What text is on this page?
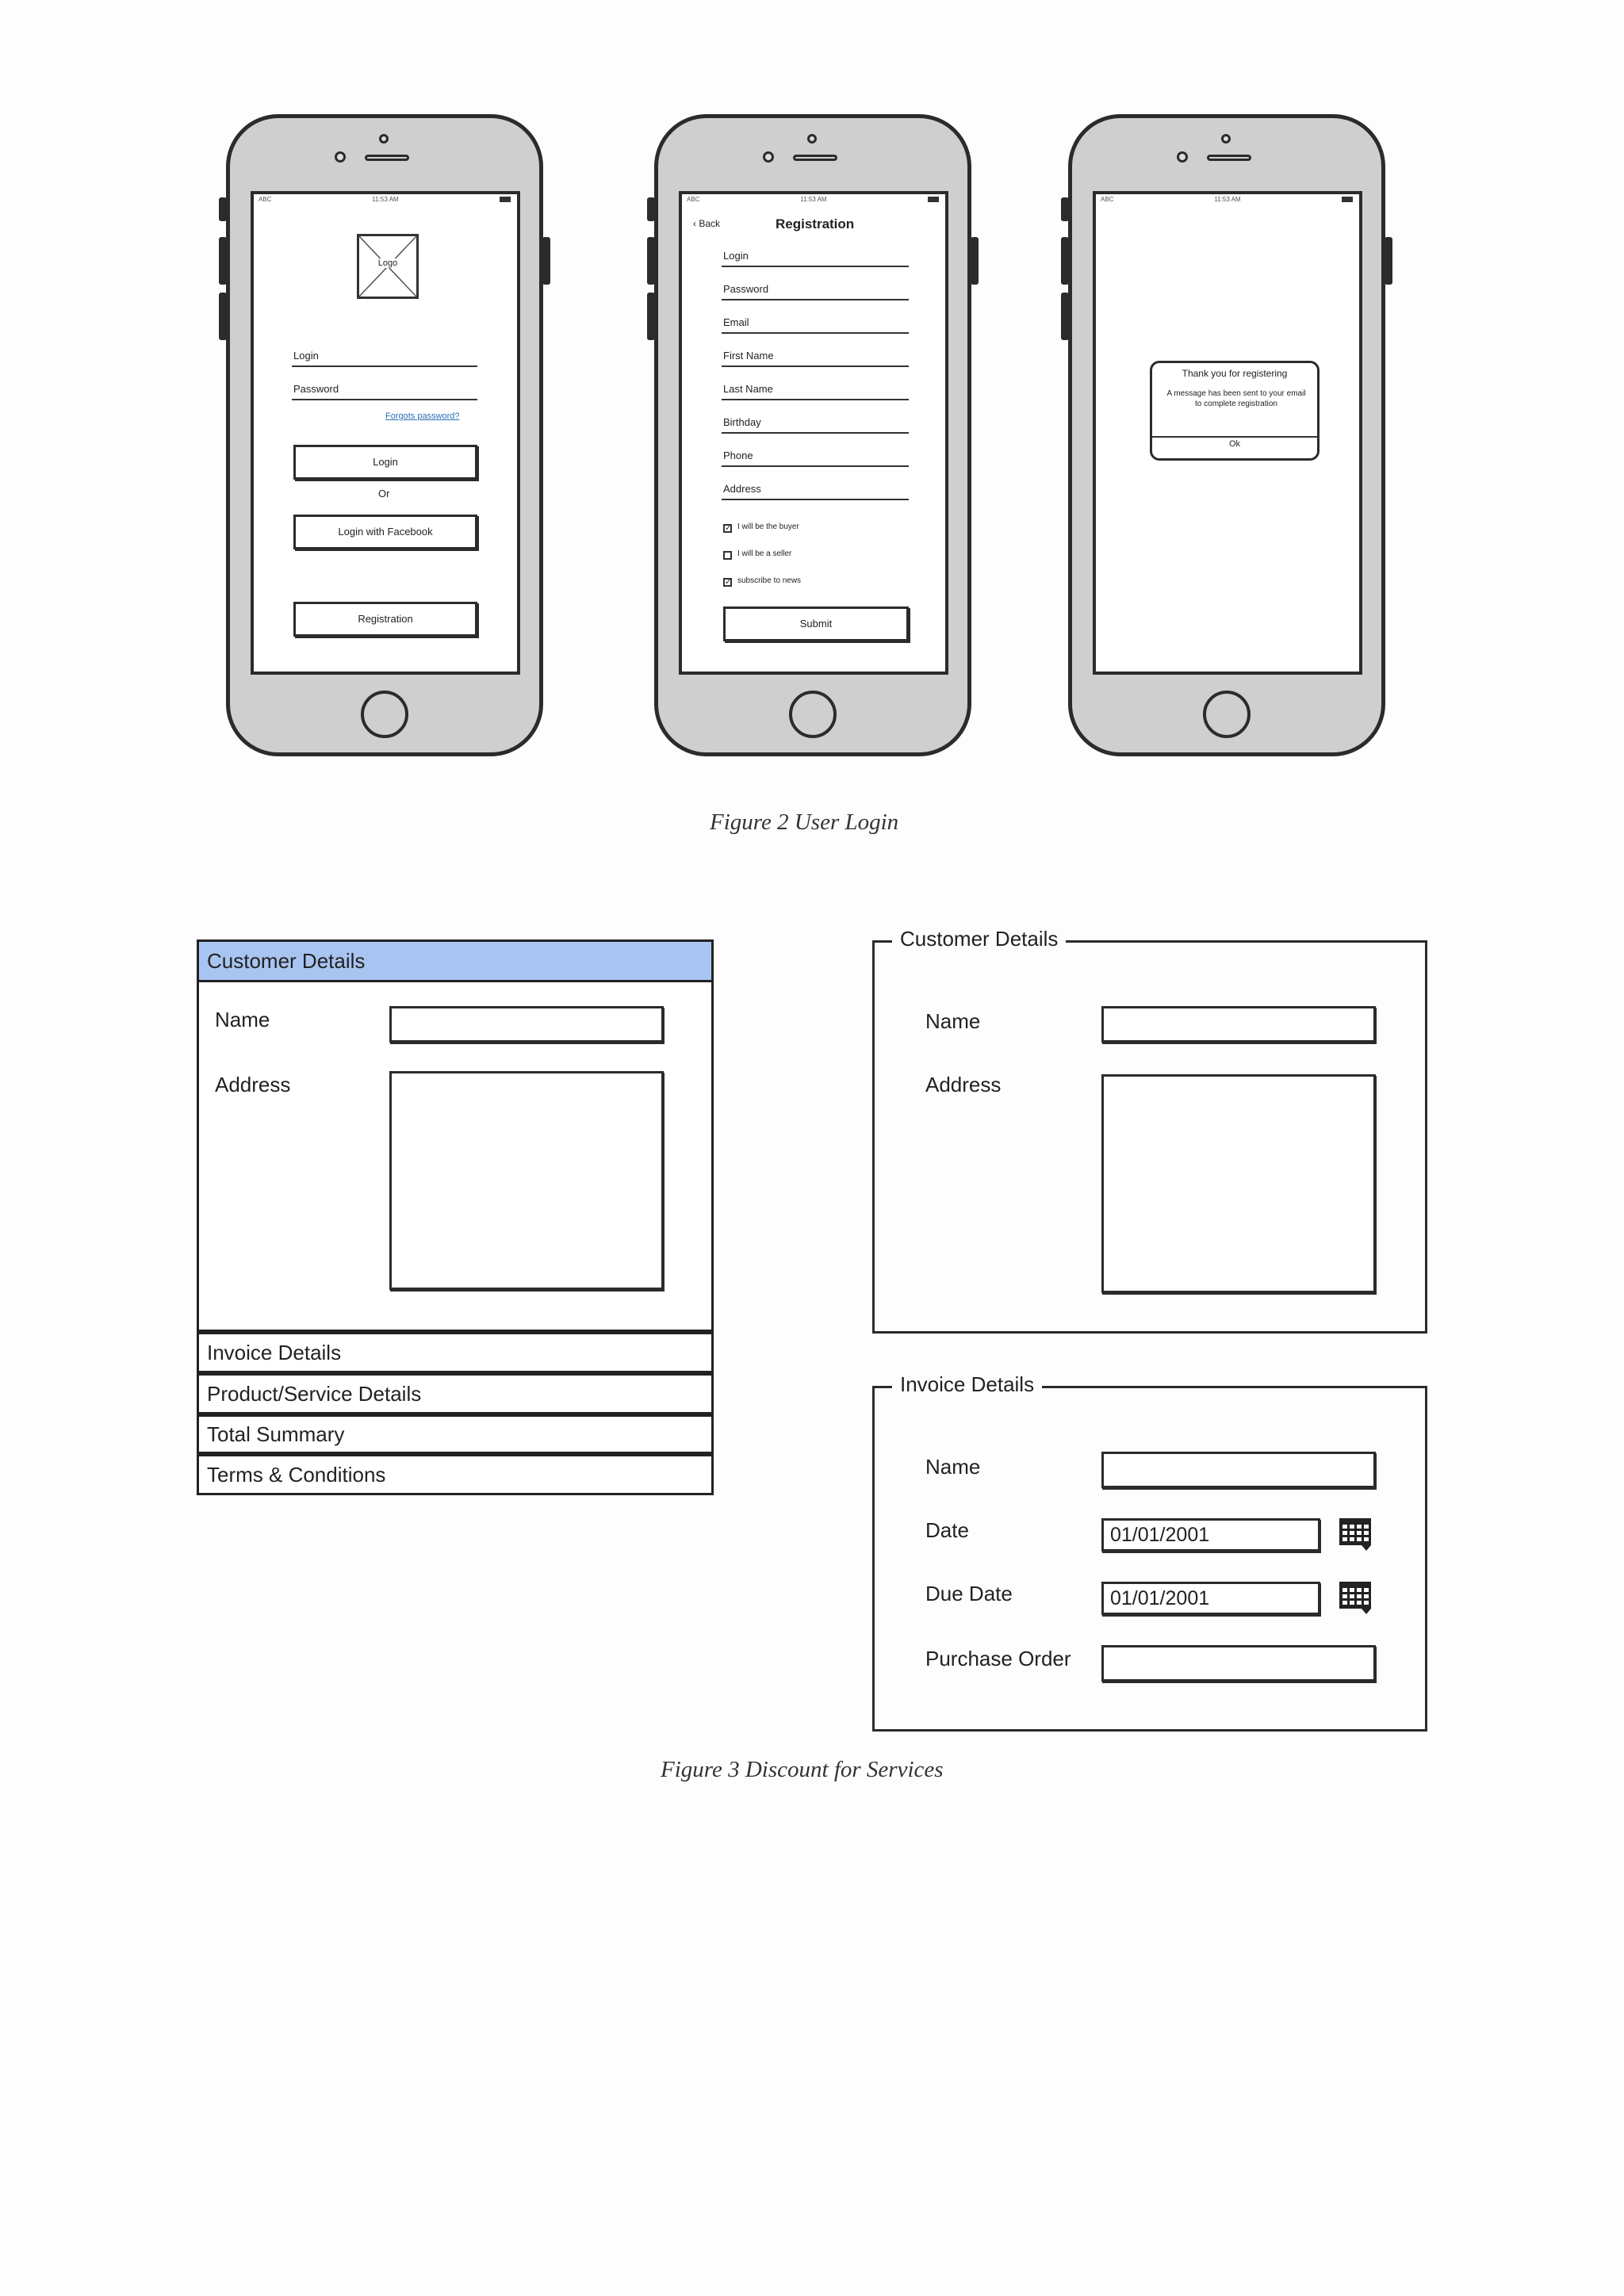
ABC	11:53 AM
Logo
Login
Password
Forgots password?
Login
Or
Login with Facebook
Registration
ABC	11:53 AM
‹ Back	Registration
Login
Password
Email
First Name
Last Name
Birthday
Phone
Address
✓ I will be the buyer
I will be a seller
✓ subscribe to news
Submit
ABC	11:53 AM
Thank you for registering
A message has been sent to your email to complete registration
Ok
Figure 2 User Login
Customer Details
Name
Address
Invoice Details
Product/Service Details
Total Summary
Terms & Conditions
Customer Details
Name
Address
Invoice Details
Name
Date	01/01/2001
Due Date	01/01/2001
Purchase Order
Figure 3 Discount for Services
